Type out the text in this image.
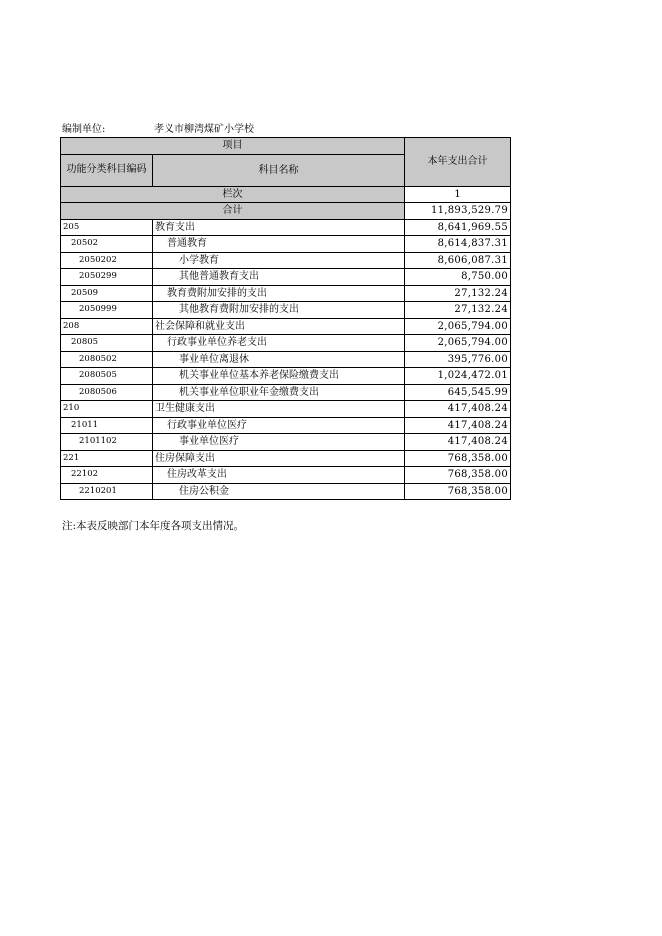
编制单位:	孝义市柳湾煤矿小学校
项目		本年支出合计
功能分类科目编码	科目名称	

栏次		1
合计		11,893,529.79
205	教育支出	8,641,969.55
20502	普通教育	8,614,837.31
2050202	小学教育	8,606,087.31
2050299	其他普通教育支出	8,750.00
20509	教育费附加安排的支出	27,132.24
2050999	其他教育费附加安排的支出	27,132.24
208	社会保障和就业支出	2,065,794.00
20805	行政事业单位养老支出	2,065,794.00
2080502	事业单位离退休	395,776.00
2080505	机关事业单位基本养老保险缴费支出	1,024,472.01
2080506	机关事业单位职业年金缴费支出	645,545.99
210	卫生健康支出	417,408.24
21011	行政事业单位医疗	417,408.24
2101102	事业单位医疗	417,408.24
221	住房保障支出	768,358.00
22102	住房改革支出	768,358.00
2210201	住房公积金	768,358.00
注:本表反映部门本年度各项支出情况。
